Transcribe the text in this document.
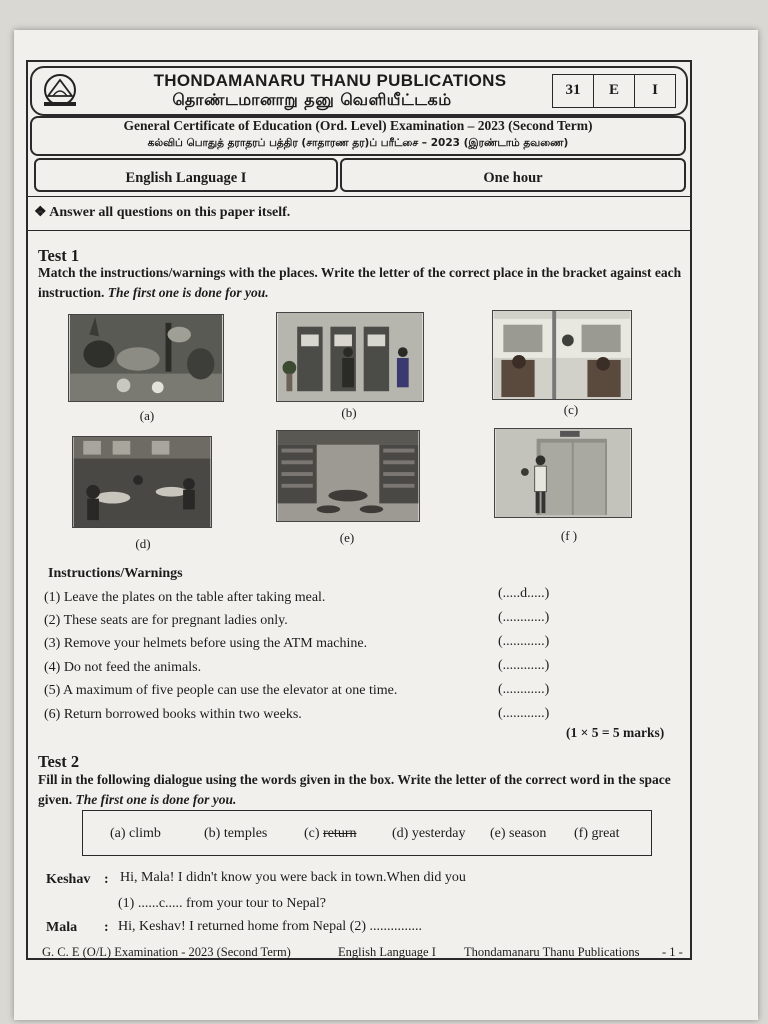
THONDAMANARU THANU PUBLICATIONS
தொண்டமானாறு தனு வெளியீட்டகம்	31	E	I
General Certificate of Education (Ord. Level) Examination – 2023 (Second Term)
கல்விப் பொதுத் தராதரப் பத்திர (சாதாரண தர)ப் பரீட்சை – 2023 (இரண்டாம் தவணை)
English Language I	One hour
❖ Answer all questions on this paper itself.
Test 1
Match the instructions/warnings with the places. Write the letter of the correct place in the bracket against each instruction. The first one is done for you.
(a)	(b)	(c)
(d)	(e)	(f )
Instructions/Warnings
(1) Leave the plates on the table after taking meal.	(.....d.....)
(2) These seats are for pregnant ladies only.	(............)
(3) Remove your helmets before using the ATM machine.	(............)
(4) Do not feed the animals.	(............)
(5) A maximum of five people can use the elevator at one time.	(............)
(6) Return borrowed books within two weeks.	(............)
(1 × 5 = 5 marks)
Test 2
Fill in the following dialogue using the words given in the box. Write the letter of the correct word in the space given. The first one is done for you.
(a) climb	(b) temples	(c) return	(d) yesterday (e) season (f) great
Keshav : Hi, Mala! I didn't know you were back in town.When did you
(1) ......c..... from your tour to Nepal?
Mala : Hi, Keshav! I returned home from Nepal (2) ...............
G. C. E (O/L) Examination - 2023 (Second Term)	English Language I Thondamanaru Thanu Publications - 1 -
